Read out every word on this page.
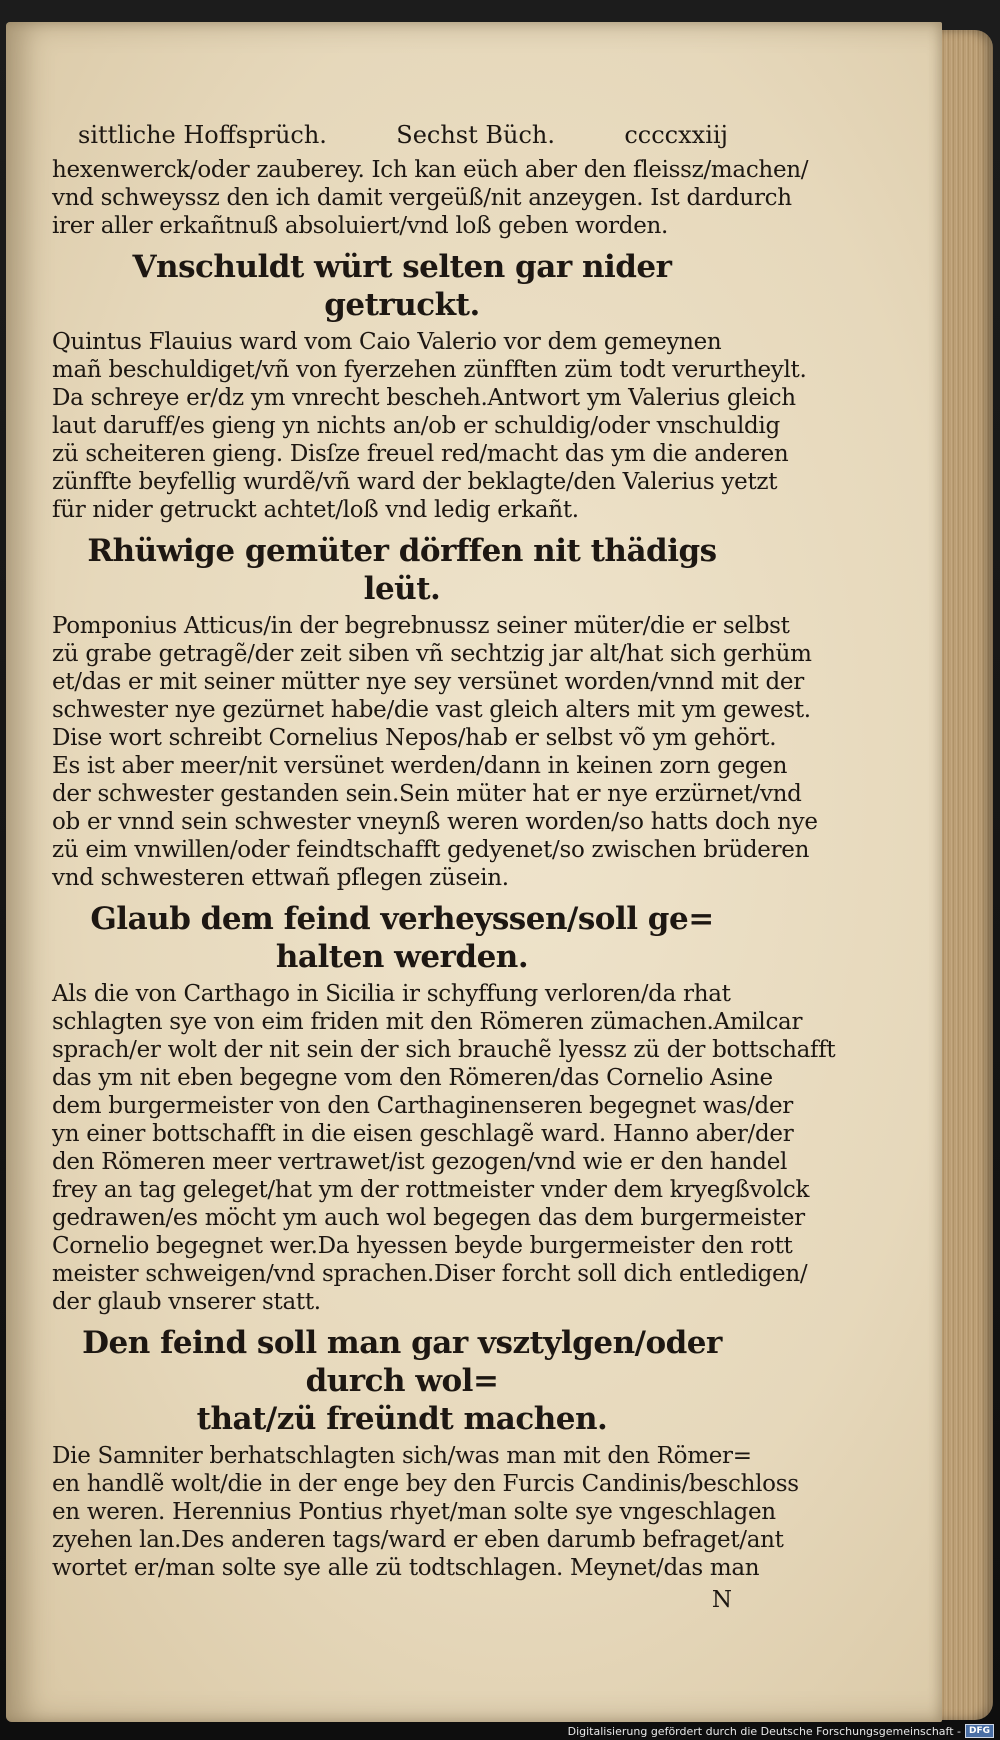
sittliche Hoffsprüch.	Sechst Büch.	ccccxxiij

hexenwerck/oder zauberey. Ich kan eüch aber den fleissz/machen/

vnd schweyssz den ich damit vergeüß/nit anzeygen. Ist dardurch

irer aller erkañtnuß absoluiert/vnd loß geben worden.

Vnschuldt würt selten gar nider getruckt.

Quintus Flauius ward vom Caio Valerio vor dem gemeynen

mañ beschuldiget/vñ von fyerzehen zünfften züm todt verurtheylt.

Da schreye er/dz ym vnrecht bescheh.Antwort ym Valerius gleich

laut daruff/es gieng yn nichts an/ob er schuldig/oder vnschuldig

zü scheiteren gieng. Disſze freuel red/macht das ym die anderen

zünffte beyfellig wurdẽ/vñ ward der beklagte/den Valerius yetzt

für nider getruckt achtet/loß vnd ledig erkañt.

Rhüwige gemüter dörffen nit thädigs leüt.

Pomponius Atticus/in der begrebnussz seiner müter/die er selbst

zü grabe getragẽ/der zeit siben vñ sechtzig jar alt/hat sich gerhüm

et/das er mit seiner mütter nye sey versünet worden/vnnd mit der

schwester nye gezürnet habe/die vast gleich alters mit ym gewest.

Dise wort schreibt Cornelius Nepos/hab er selbst võ ym gehört.

Es ist aber meer/nit versünet werden/dann in keinen zorn gegen

der schwester gestanden sein.Sein müter hat er nye erzürnet/vnd

ob er vnnd sein schwester vneynß weren worden/so hatts doch nye

zü eim vnwillen/oder feindtschafft gedyenet/so zwischen brüderen

vnd schwesteren ettwañ pflegen züsein.

Glaub dem feind verheyssen/soll ge=
halten werden.

Als die von Carthago in Sicilia ir schyffung verloren/da rhat

schlagten sye von eim friden mit den Römeren zümachen.Amilcar

sprach/er wolt der nit sein der sich brauchẽ lyessz zü der bottschafft

das ym nit eben begegne vom den Römeren/das Cornelio Asine

dem burgermeister von den Carthaginenseren begegnet was/der

yn einer bottschafft in die eisen geschlagẽ ward. Hanno aber/der

den Römeren meer vertrawet/ist gezogen/vnd wie er den handel

frey an tag geleget/hat ym der rottmeister vnder dem kryegßvolck

gedrawen/es möcht ym auch wol begegen das dem burgermeister

Cornelio begegnet wer.Da hyessen beyde burgermeister den rott

meister schweigen/vnd sprachen.Diser forcht soll dich entledigen/

der glaub vnserer statt.

Den feind soll man gar vsztylgen/oder durch wol=
that/zü freündt machen.

Die Samniter berhatschlagten sich/was man mit den Römer=

en handlẽ wolt/die in der enge bey den Furcis Candinis/beschloss

en weren. Herennius Pontius rhyet/man solte sye vngeschlagen

zyehen lan.Des anderen tags/ward er eben darumb befraget/ant

wortet er/man solte sye alle zü todtschlagen. Meynet/das man

N
Digitalisierung gefördert durch die Deutsche Forschungsgemeinschaft - DFG
